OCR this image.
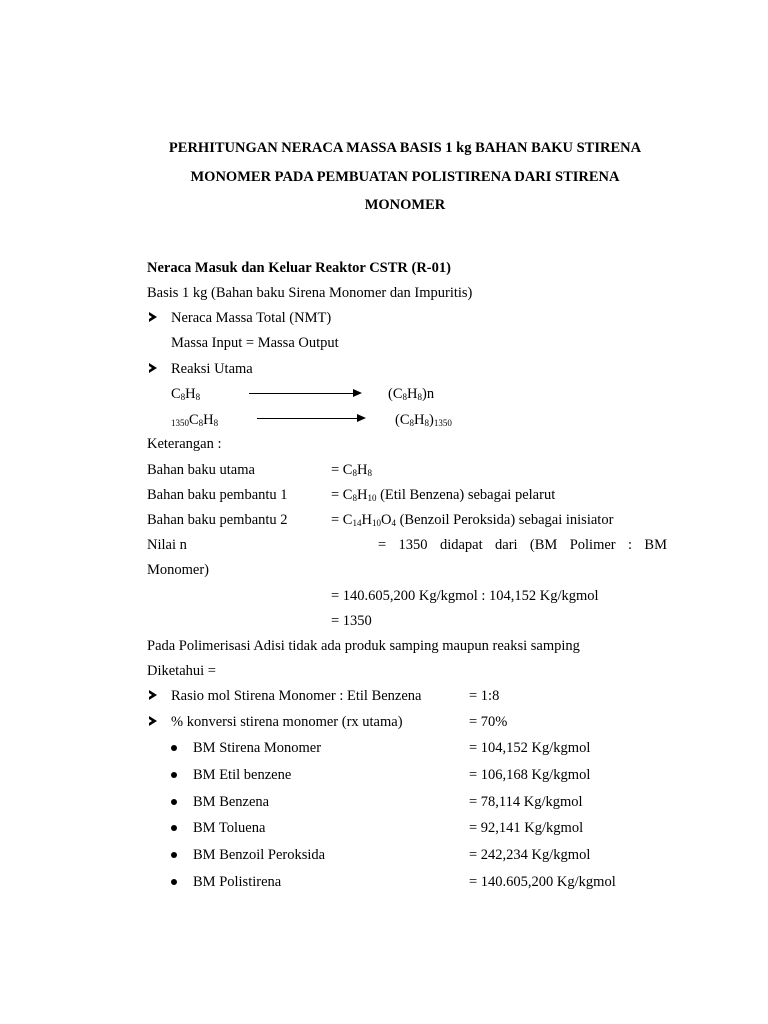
PERHITUNGAN NERACA MASSA BASIS 1 kg BAHAN BAKU STIRENA
MONOMER PADA PEMBUATAN POLISTIRENA DARI STIRENA
MONOMER
Neraca Masuk dan Keluar Reaktor CSTR (R-01)
Basis 1 kg (Bahan baku Sirena Monomer dan Impuritis)
Neraca Massa Total (NMT)
Massa Input = Massa Output
Reaksi Utama
$C_8H_8$	$(C_8H_8)n$
$_{1350}C_8H_8$	$(C_8H_8)_{1350}$
Keterangan :
Bahan baku utama	= $C_8H_8$
Bahan baku pembantu 1	= $C_8H_{10}$ (Etil Benzena) sebagai pelarut
Bahan baku pembantu 2	= $C_{14}H_{10}O_4$ (Benzoil Peroksida) sebagai inisiator
Nilai n	= 1350 didapat dari (BM Polimer : BM
Monomer)
= 140.605,200 Kg/kgmol : 104,152 Kg/kgmol
= 1350
Pada Polimerisasi Adisi tidak ada produk samping maupun reaksi samping
Diketahui =
Rasio mol Stirena Monomer : Etil Benzena	= 1:8
% konversi stirena monomer (rx utama)	= 70%
BM Stirena Monomer	= 104,152 Kg/kgmol
BM Etil benzene	= 106,168 Kg/kgmol
BM Benzena	= 78,114 Kg/kgmol
BM Toluena	= 92,141 Kg/kgmol
BM Benzoil Peroksida	= 242,234 Kg/kgmol
BM Polistirena	= 140.605,200 Kg/kgmol
